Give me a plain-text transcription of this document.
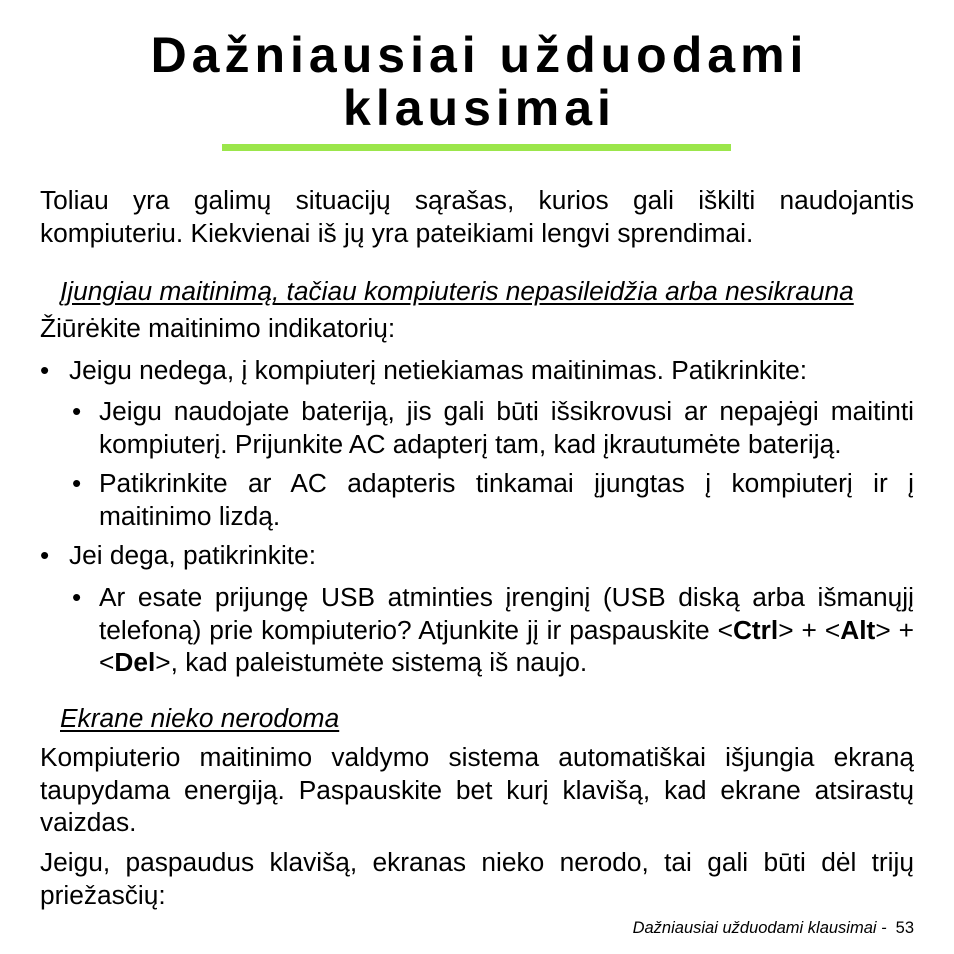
Dažniausiai užduodami
klausimai
Toliau yra galimų situacijų sąrašas, kurios gali iškilti naudojantis
kompiuteriu. Kiekvienai iš jų yra pateikiami lengvi sprendimai.
Įjungiau maitinimą, tačiau kompiuteris nepasileidžia arba nesikrauna
Žiūrėkite maitinimo indikatorių:
• Jeigu nedega, į kompiuterį netiekiamas maitinimas. Patikrinkite:
• Jeigu naudojate bateriją, jis gali būti išsikrovusi ar nepajėgi maitinti
kompiuterį. Prijunkite AC adapterį tam, kad įkrautumėte bateriją.
• Patikrinkite ar AC adapteris tinkamai įjungtas į kompiuterį ir į
maitinimo lizdą.
• Jei dega, patikrinkite:
• Ar esate prijungę USB atminties įrenginį (USB diską arba išmanųjį
telefoną) prie kompiuterio? Atjunkite jį ir paspauskite <Ctrl> + <Alt> +
<Del>, kad paleistumėte sistemą iš naujo.
Ekrane nieko nerodoma
Kompiuterio maitinimo valdymo sistema automatiškai išjungia ekraną
taupydama energiją. Paspauskite bet kurį klavišą, kad ekrane atsirastų
vaizdas.
Jeigu, paspaudus klavišą, ekranas nieko nerodo, tai gali būti dėl trijų
priežasčių:
Dažniausiai užduodami klausimai - 53
